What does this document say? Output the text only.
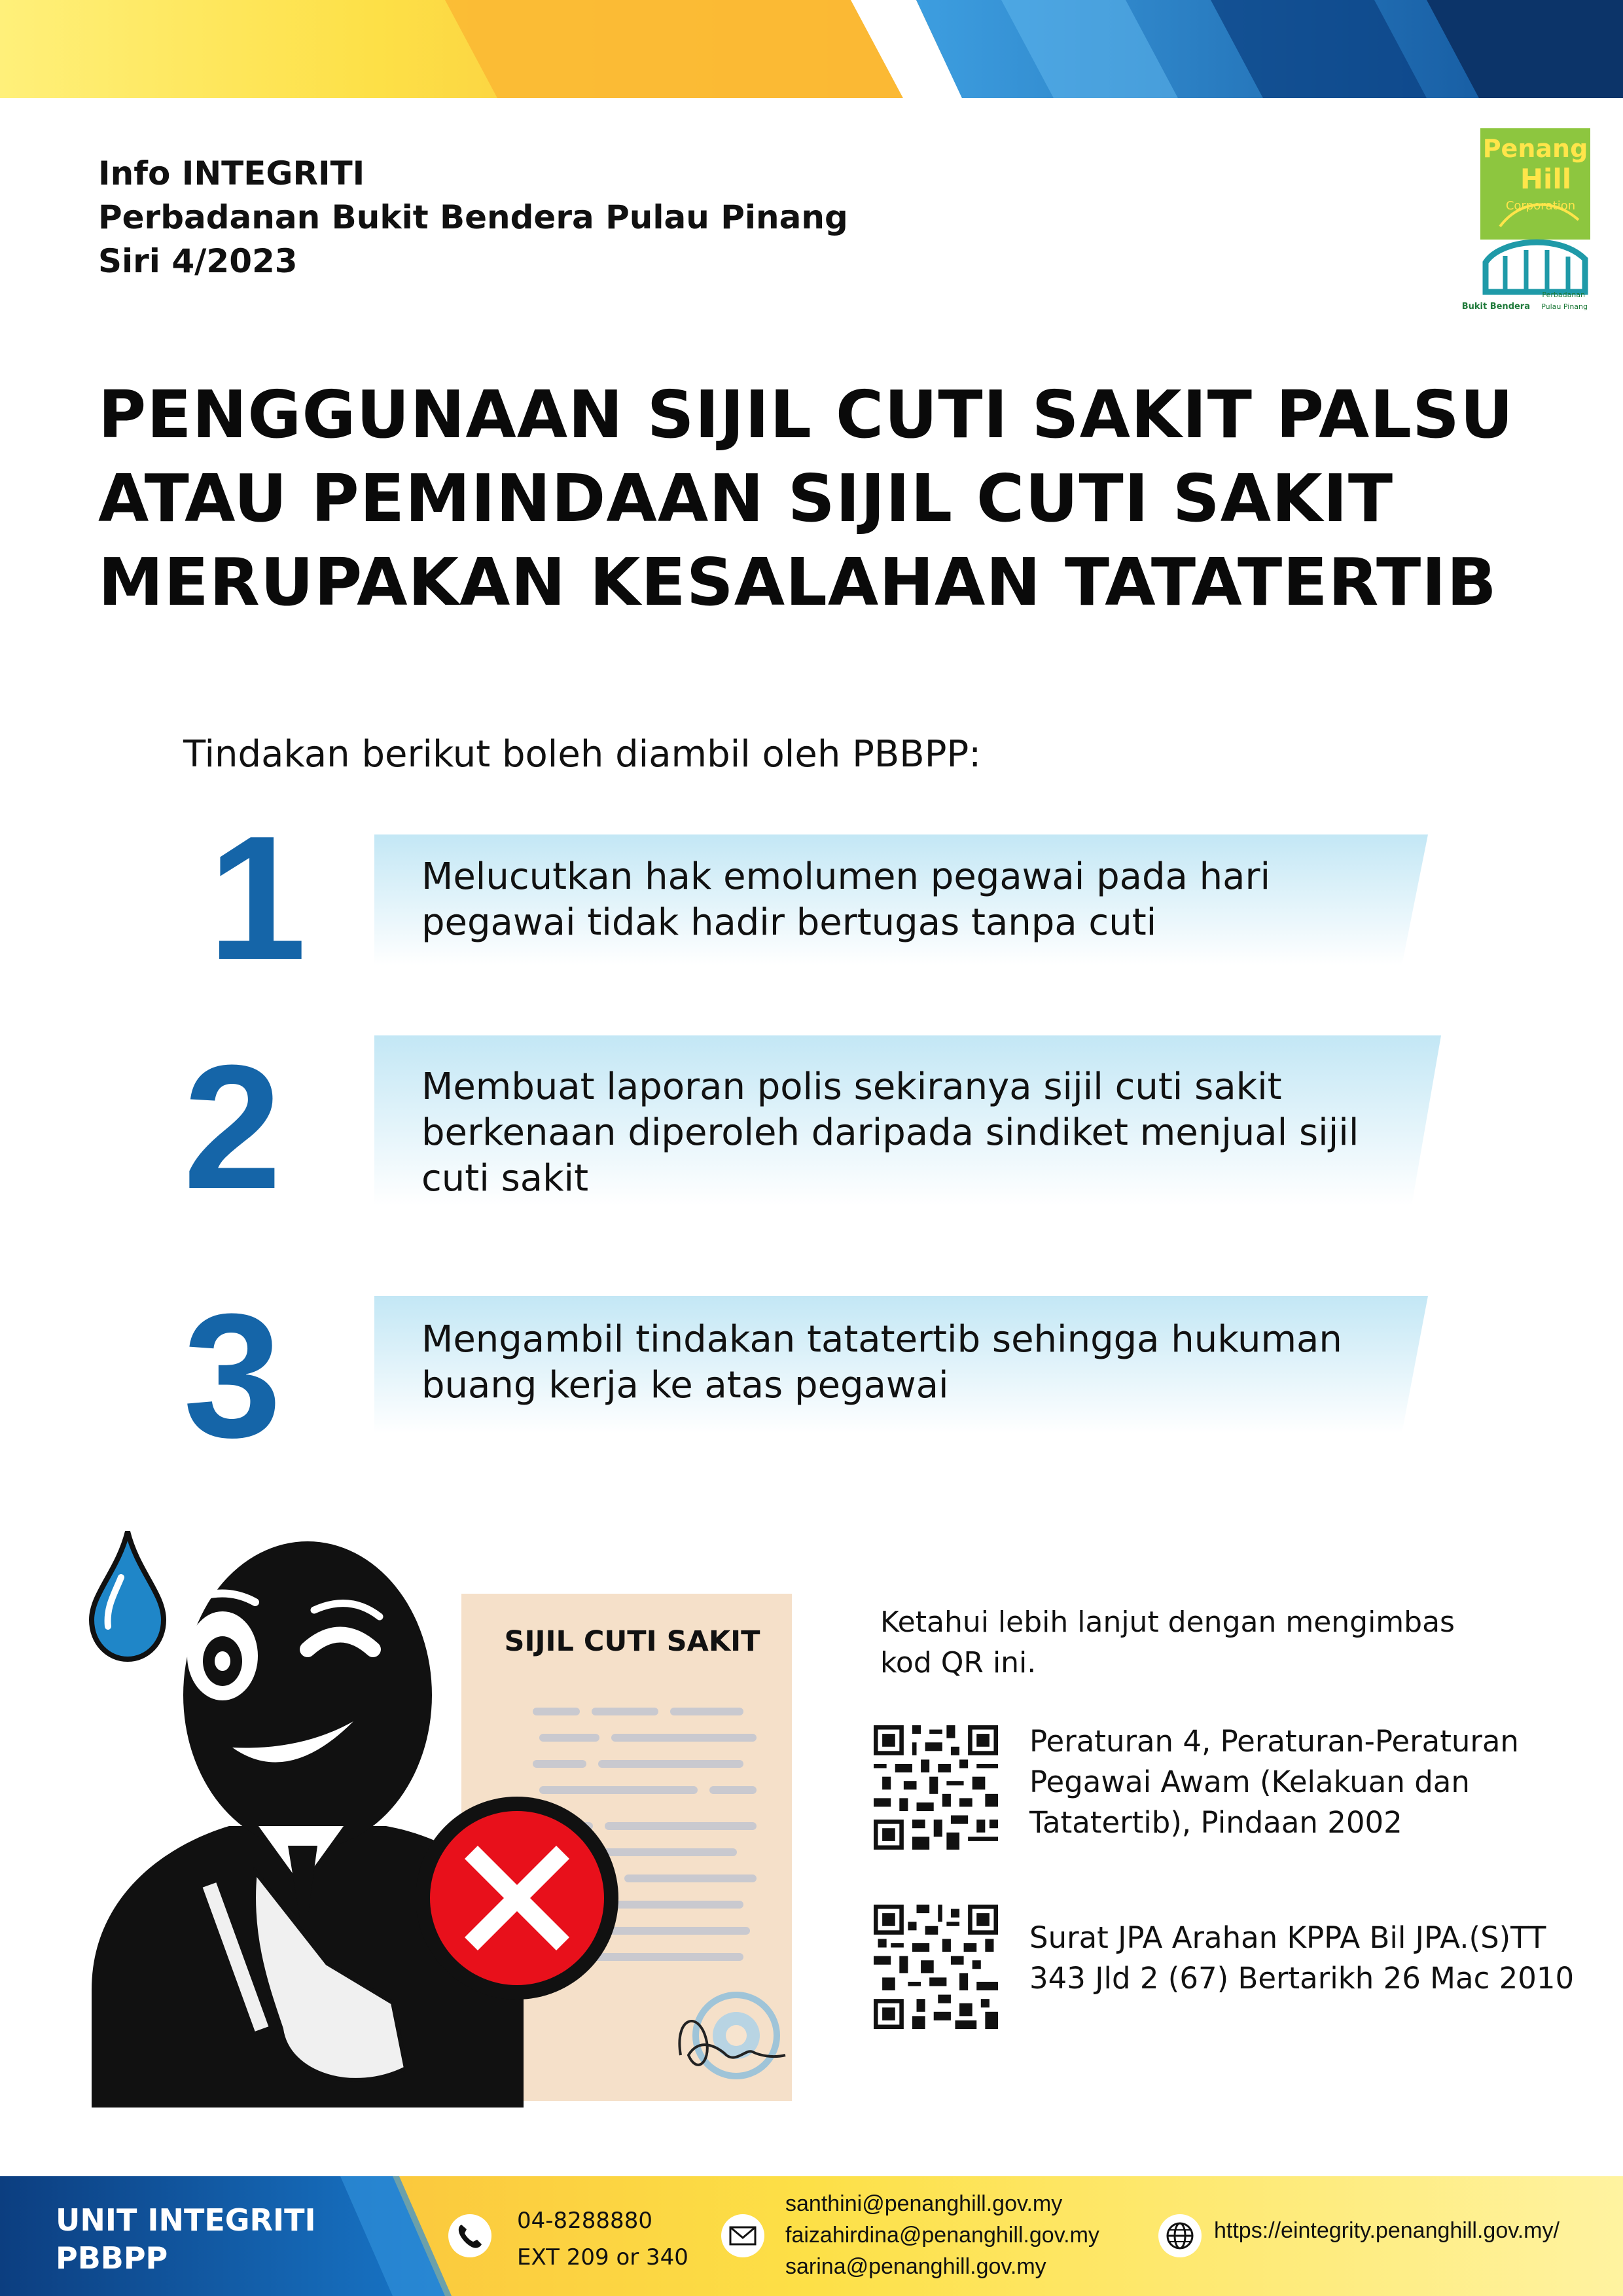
Info INTEGRITI
Perbadanan Bukit Bendera Pulau Pinang
Siri 4/2023
Penang
Hill
Corporation
Perbadanan
Bukit Bendera Pulau Pinang
PENGGUNAAN SIJIL CUTI SAKIT PALSU
ATAU PEMINDAAN SIJIL CUTI SAKIT
MERUPAKAN KESALAHAN TATATERTIB
Tindakan berikut boleh diambil oleh PBBPP:
1	Melucutkan hak emolumen pegawai pada hari
pegawai tidak hadir bertugas tanpa cuti
2	Membuat laporan polis sekiranya sijil cuti sakit
berkenaan diperoleh daripada sindiket menjual sijil
cuti sakit
3	Mengambil tindakan tatatertib sehingga hukuman
buang kerja ke atas pegawai
SIJIL CUTI SAKIT
Ketahui lebih lanjut dengan mengimbas
kod QR ini.
Peraturan 4, Peraturan-Peraturan
Pegawai Awam (Kelakuan dan
Tatatertib), Pindaan 2002
Surat JPA Arahan KPPA Bil JPA.(S)TT
343 Jld 2 (67) Bertarikh 26 Mac 2010
UNIT INTEGRITI
PBBPP
04-8288880
EXT 209 or 340
santhini@penanghill.gov.my
faizahirdina@penanghill.gov.my
sarina@penanghill.gov.my
https://eintegrity.penanghill.gov.my/
